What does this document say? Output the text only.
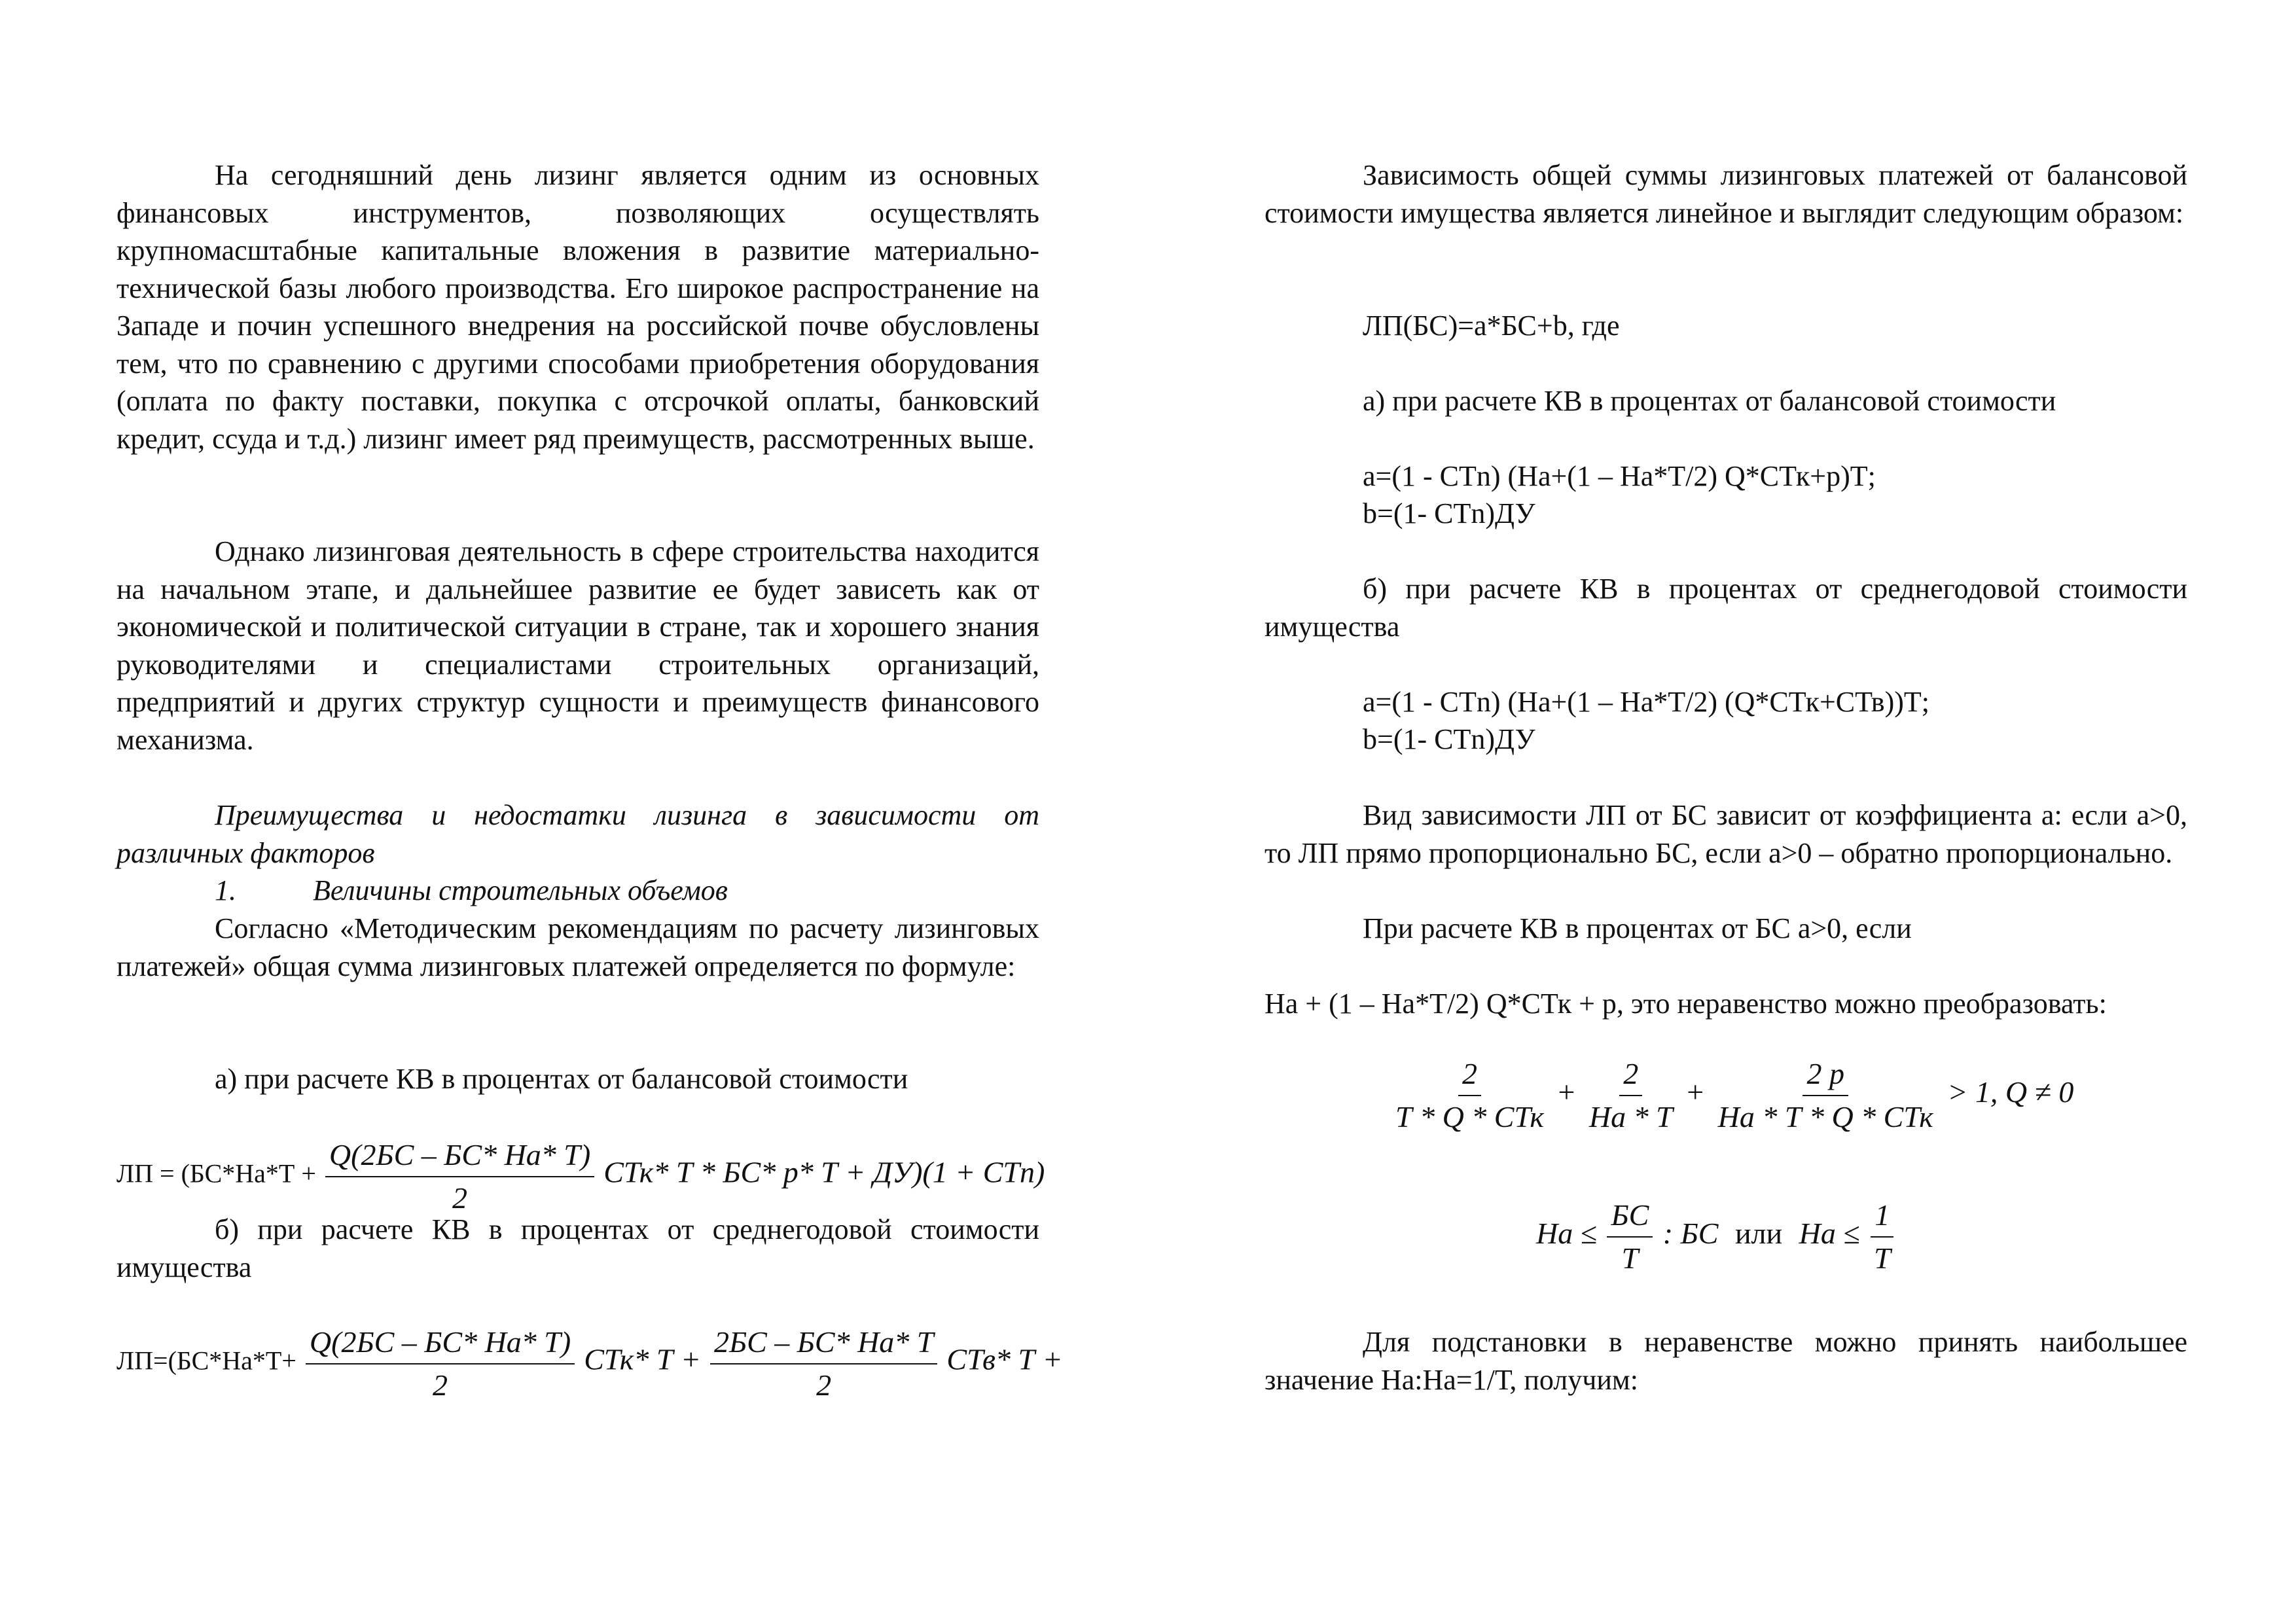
На сегодняшний день лизинг является одним из основных финансовых инструментов, позволяющих осуществлять крупномасштабные капитальные вложения в развитие материально-технической базы любого производства. Его широкое распространение на Западе и почин успешного внедрения на российской почве обусловлены тем, что по сравнению с другими способами приобретения оборудования (оплата по факту поставки, покупка с отсрочкой оплаты, банковский кредит, ссуда и т.д.) лизинг имеет ряд преимуществ, рассмотренных выше.

Однако лизинговая деятельность в сфере строительства находится на начальном этапе, и дальнейшее развитие ее будет зависеть как от экономической и политической ситуации в стране, так и хорошего знания руководителями и специалистами строительных организаций, предприятий и других структур сущности и преимуществ финансового механизма.

Преимущества и недостатки лизинга в зависимости от различных факторов

1.	Величины строительных объемов

Согласно «Методическим рекомендациям по расчету лизинговых платежей» общая сумма лизинговых платежей определяется по формуле:

а) при расчете КВ в процентах от балансовой стоимости

ЛП = ($БС*На*Т + \frac{Q(2БС - БС* На* Т)}{2} СТк*$ Т * БС* р* Т + ДУ)(1 + СТn)

б) при расчете КВ в процентах от среднегодовой стоимости имущества

$ЛП=(БС*На*Т+ \frac{Q(2БС - БС* На* Т)}{2} СТк*$ $Т + \frac{2БС - БС* На* Т}{2} СТв*$ Т +

Зависимость общей суммы лизинговых платежей от балансовой стоимости имущества является линейное и выглядит следующим образом:

ЛП(БС)=а*БС+b, где

а) при расчете КВ в процентах от балансовой стоимости

а=(1 - СТn) (На+(1 – На*Т/2) Q*СТк+р)Т;

b=(1- СТn)ДУ

б) при расчете КВ в процентах от среднегодовой стоимости имущества

а=(1 - СТn) (На+(1 – На*Т/2) (Q*СТк+СТв))Т;

b=(1- СТn)ДУ

Вид зависимости ЛП от БС зависит от коэффициента а: если а>0, то ЛП прямо пропорционально БС, если а>0 – обратно пропорционально.

При расчете КВ в процентах от БС а>0, если

На + (1 – На*Т/2) Q*СТк + р, это неравенство можно преобразовать:

$\frac{2}{\text{Т * Q * СТк}} + \frac{2}{На * Т} + \frac{2 p}{\text{На * Т * Q * СТк}} > 1$, Q ≠ 0
На ≤ $\frac{БС}{Т}$ : БС или На ≤ $\frac{1}{Т}$

Для подстановки в неравенстве можно принять наибольшее значение На:На=1/Т, получим:
